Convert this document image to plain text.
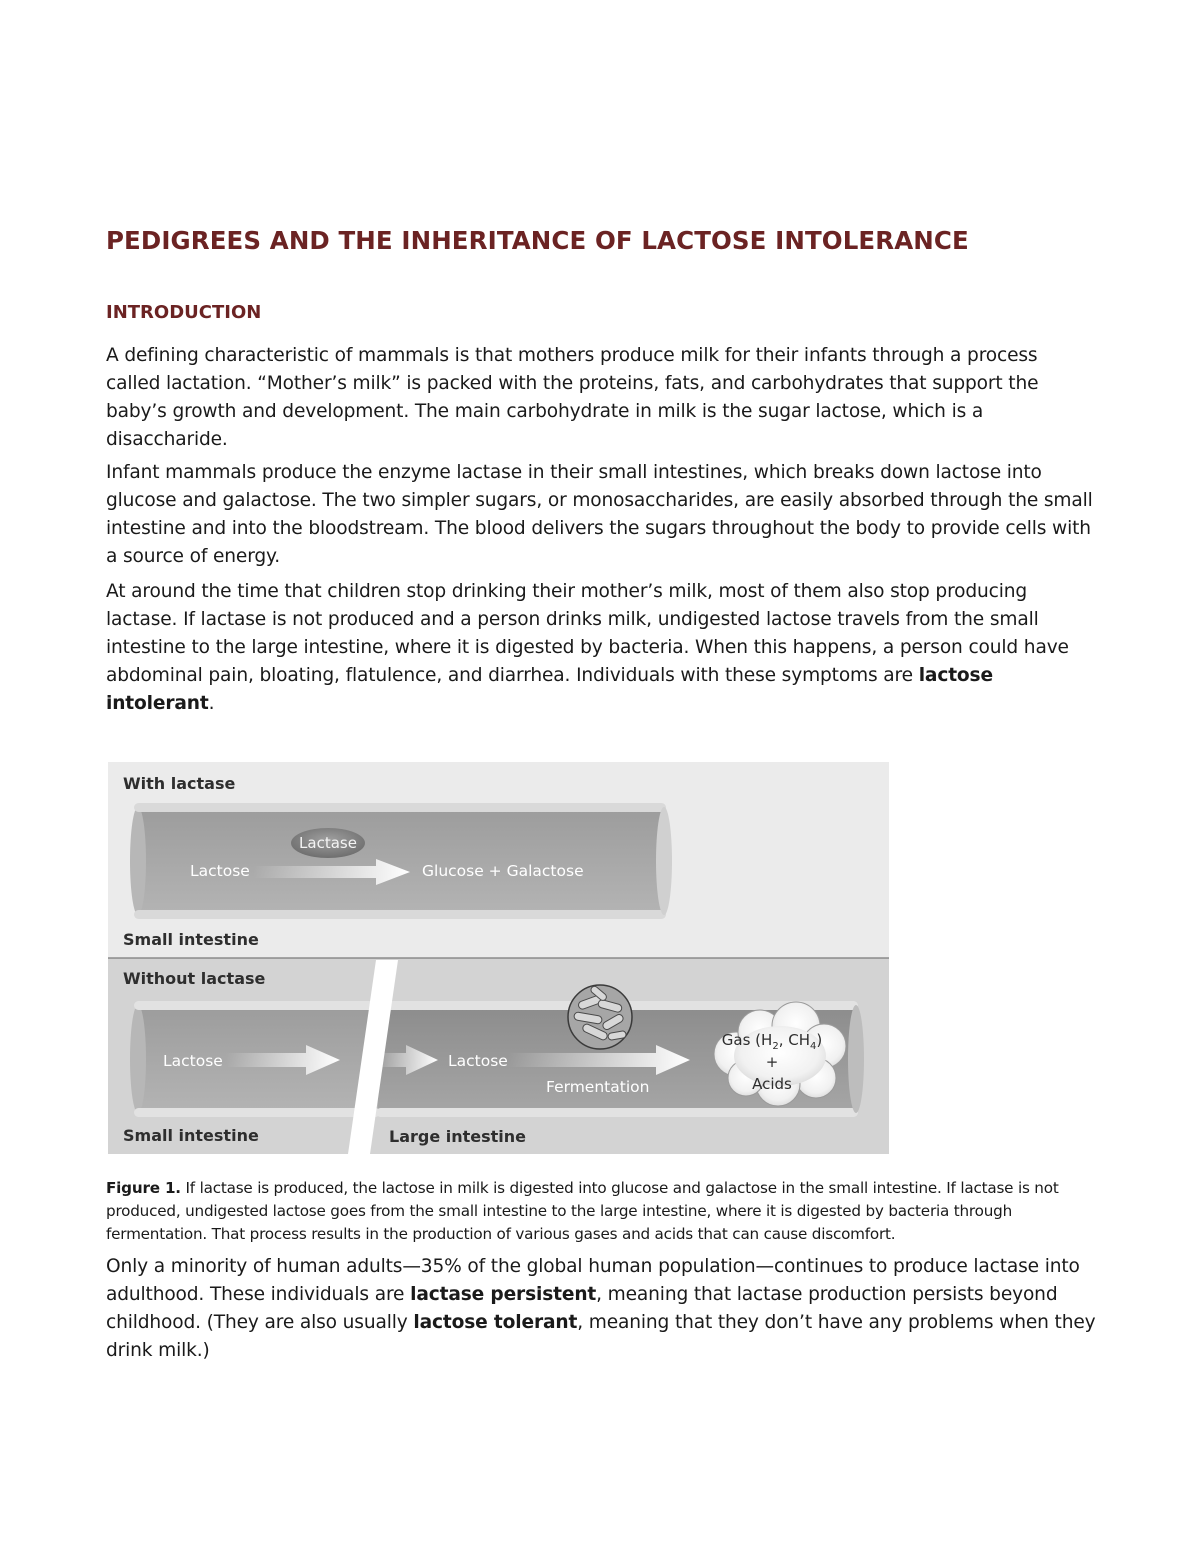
PEDIGREES AND THE INHERITANCE OF LACTOSE INTOLERANCE
INTRODUCTION

A defining characteristic of mammals is that mothers produce milk for their infants through a process called lactation. “Mother’s milk” is packed with the proteins, fats, and carbohydrates that support the baby’s growth and development. The main carbohydrate in milk is the sugar lactose, which is a disaccharide.

Infant mammals produce the enzyme lactase in their small intestines, which breaks down lactose into glucose and galactose. The two simpler sugars, or monosaccharides, are easily absorbed through the small intestine and into the bloodstream. The blood delivers the sugars throughout the body to provide cells with a source of energy.

At around the time that children stop drinking their mother’s milk, most of them also stop producing lactase. If lactase is not produced and a person drinks milk, undigested lactose travels from the small intestine to the large intestine, where it is digested by bacteria. When this happens, a person could have abdominal pain, bloating, flatulence, and diarrhea. Individuals with these symptoms are lactose intolerant.

Only a minority of human adults—35% of the global human population—continues to produce lactase into adulthood. These individuals are lactase persistent, meaning that lactase production persists beyond childhood. (They are also usually lactose tolerant, meaning that they don’t have any problems when they drink milk.)

Lactase
Lactose	Glucose + Galactose
With lactase
Small intestine
Without lactase
Lactose	Lactose
Fermentation
Gas ($H_2$, $CH_4$)
+
Acids
Small intestine	Large intestine

Figure 1. If lactase is produced, the lactose in milk is digested into glucose and galactose in the small intestine. If lactase is not produced, undigested lactose goes from the small intestine to the large intestine, where it is digested by bacteria through fermentation. That process results in the production of various gases and acids that can cause discomfort.
